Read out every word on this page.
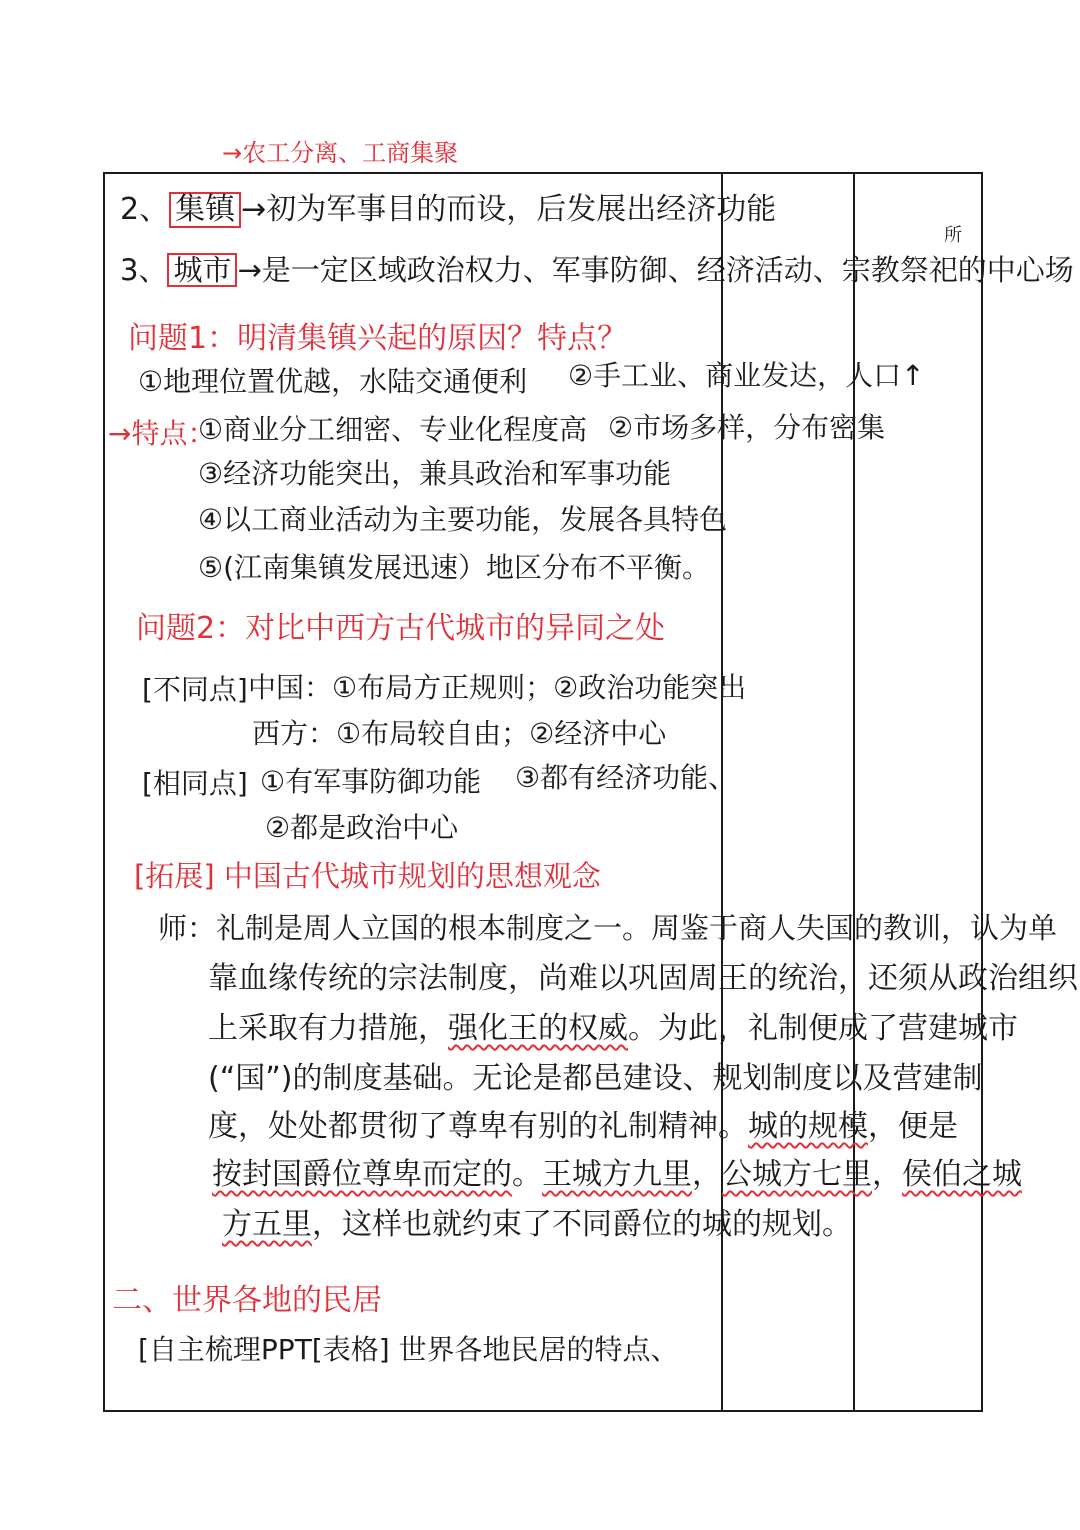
→农工分离、工商集聚
所
2、 集镇 →初为军事目的而设，后发展出经济功能
3、 城市 →是一定区域政治权力、军事防御、经济活动、宗教祭祀的中心场
问题1：明清集镇兴起的原因？特点？
①地理位置优越，水陆交通便利 ②手工业、商业发达，人口↑
→特点：
①商业分工细密、专业化程度高 ②市场多样，分布密集
③经济功能突出，兼具政治和军事功能
④以工商业活动为主要功能，发展各具特色
⑤(江南集镇发展迅速）地区分布不平衡。
问题2：对比中西方古代城市的异同之处
[不同点] 中国：①布局方正规则；②政治功能突出
西方：①布局较自由；②经济中心
[相同点] ①有军事防御功能 ③都有经济功能、
②都是政治中心
[拓展] 中国古代城市规划的思想观念
师：礼制是周人立国的根本制度之一。周鉴于商人失国的教训，认为单
靠血缘传统的宗法制度，尚难以巩固周王的统治，还须从政治组织
上采取有力措施，强化王的权威。为此，礼制便成了营建城市
(“国”)的制度基础。无论是都邑建设、规划制度以及营建制
度，处处都贯彻了尊卑有别的礼制精神。城的规模，便是
按封国爵位尊卑而定的。王城方九里，公城方七里，侯伯之城
方五里，这样也就约束了不同爵位的城的规划。
二、世界各地的民居
[自主梳理PPT[表格] 世界各地民居的特点、
